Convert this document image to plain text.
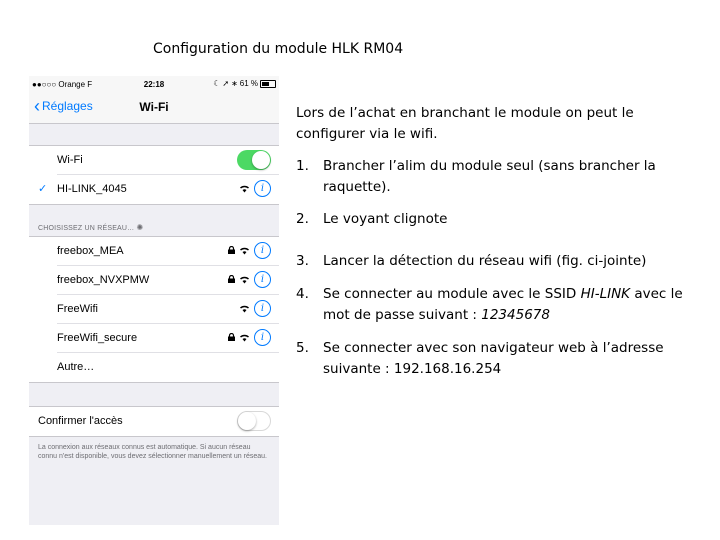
Configuration du module HLK RM04
●●○○○ Orange F	22:18	☾ ➚ ∗ 61 %
‹ Réglages	Wi-Fi
Wi-Fi
✓ HI-LINK_4045	i
CHOISISSEZ UN RÉSEAU… ✺
freebox_MEA	i
freebox_NVXPMW	i
FreeWifi	i
FreeWifi_secure	i
Autre…
Confirmer l'accès
La connexion aux réseaux connus est automatique. Si aucun réseau connu n'est disponible, vous devez sélectionner manuellement un réseau.

Lors de l’achat en branchant le module on peut le configurer via le wifi.

1. Brancher l’alim du module seul (sans brancher la raquette).
2. Le voyant clignote
3. Lancer la détection du réseau wifi (fig. ci-jointe)
4. Se connecter au module avec le SSID HI-LINK avec le mot de passe suivant : 12345678
5. Se connecter avec son navigateur web à l’adresse suivante : 192.168.16.254
